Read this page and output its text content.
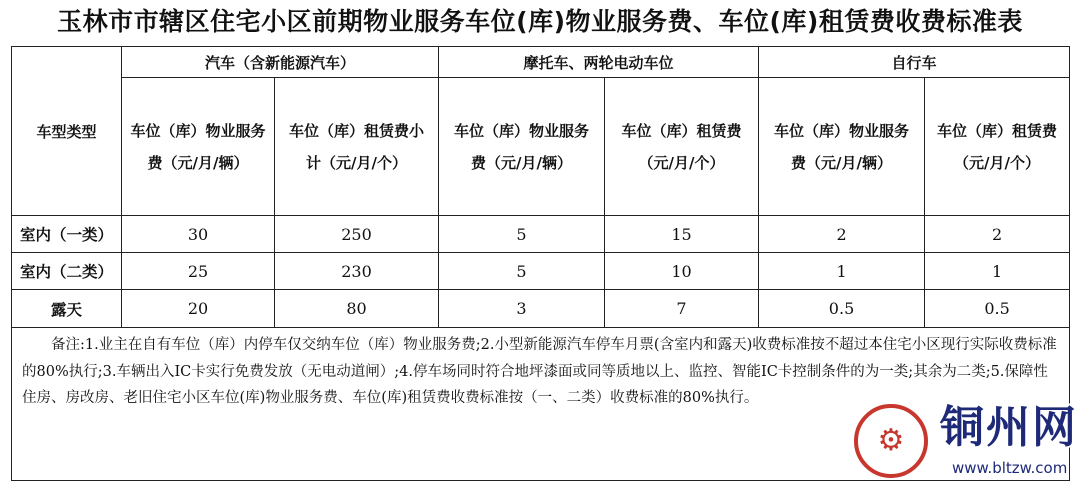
玉林市市辖区住宅小区前期物业服务车位(库)物业服务费、车位(库)租赁费收费标准表
车型类型	汽车（含新能源汽车）		摩托车、两轮电动车位		自行车	
	车位（库）物业服务费（元/月/辆）	车位（库）租赁费小计（元/月/个）	车位（库）物业服务费（元/月/辆）	车位（库）租赁费（元/月/个）	车位（库）物业服务费（元/月/辆）	车位（库）租赁费（元/月/个）
室内（一类）	30	250	5	15	2	2
室内（二类）	25	230	5	10	1	1
露天	20	80	3	7	0.5	0.5
备注:1.业主在自有车位（库）内停车仅交纳车位（库）物业服务费;2.小型新能源汽车停车月票(含室内和露天)收费标准按不超过本住宅小区现行实际收费标准的80%执行;3.车辆出入IC卡实行免费发放（无电动道闸）;4.停车场同时符合地坪漆面或同等质地以上、监控、智能IC卡控制条件的为一类;其余为二类;5.保障性住房、房改房、老旧住宅小区车位(库)物业服务费、车位(库)租赁费收费标准按（一、二类）收费标准的80%执行。						
⚙ 铜州网
www.bltzw.com
